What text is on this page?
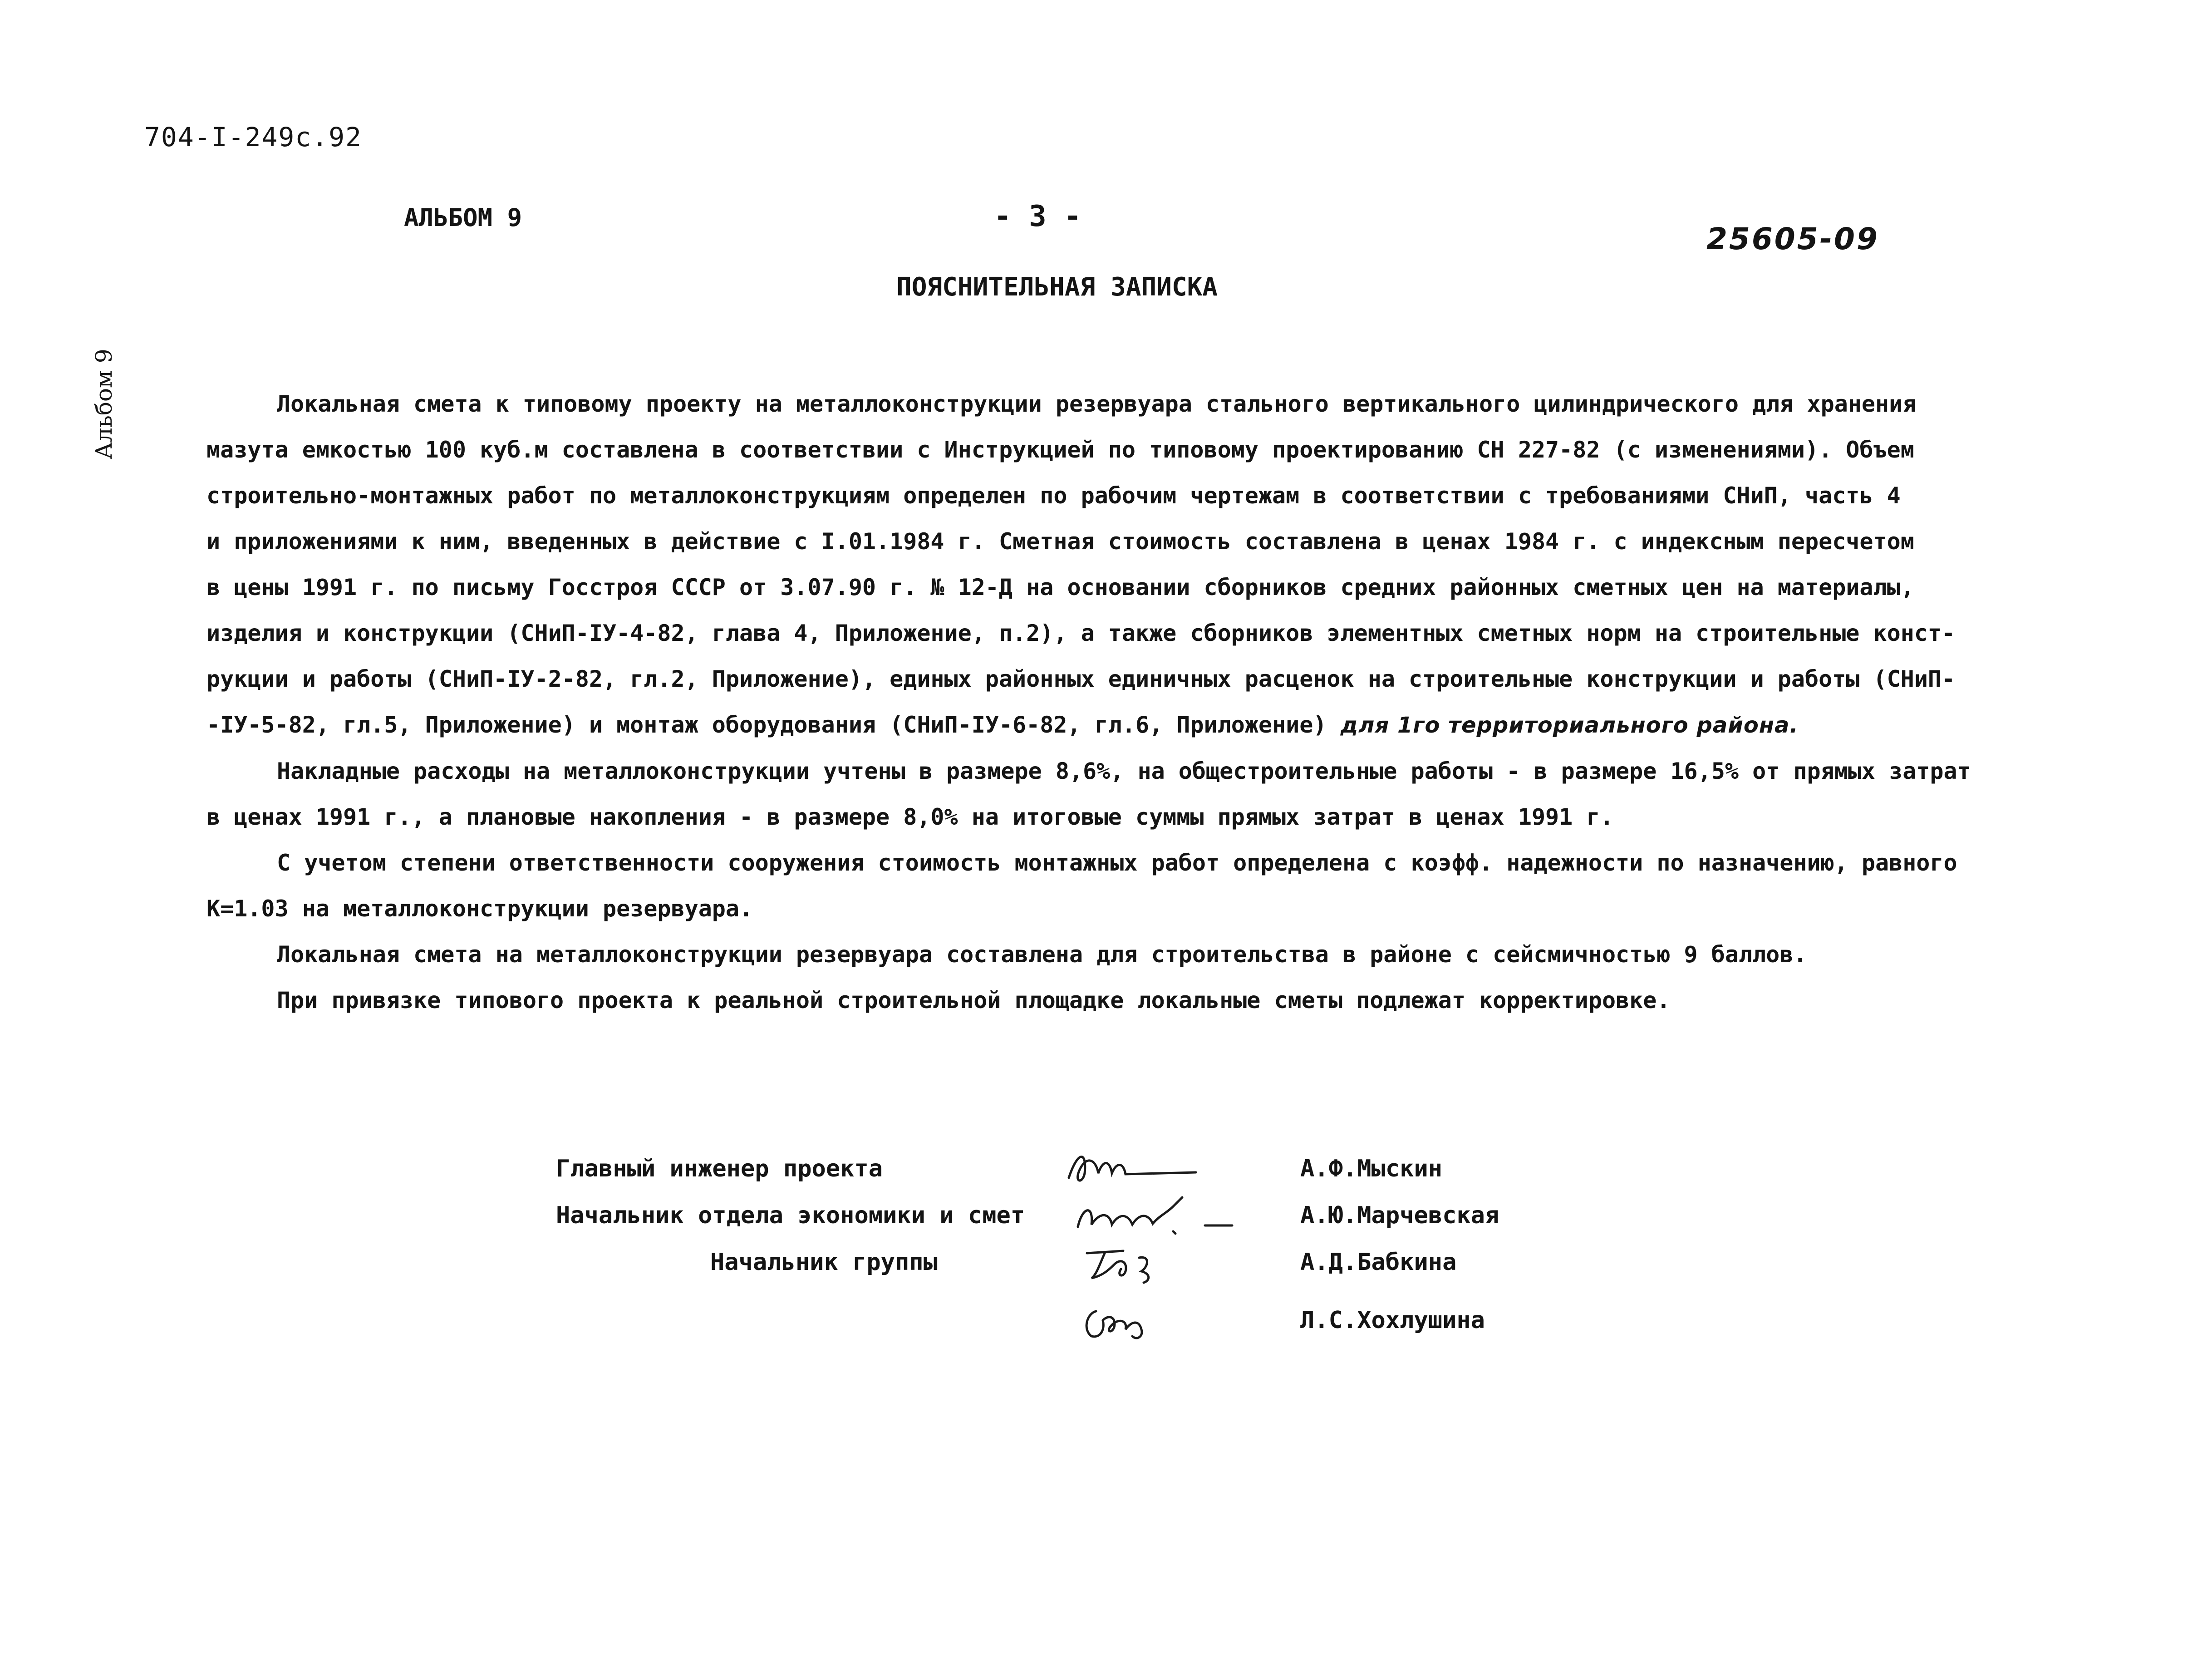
704-I-249с.92
АЛЬБОМ 9	- 3 -
25605-09
Альбом 9
ПОЯСНИТЕЛЬНАЯ ЗАПИСКА
Локальная смета к типовому проекту на металлоконструкции резервуара стального вертикального цилиндрического для хранения
мазута емкостью 100 куб.м составлена в соответствии с Инструкцией по типовому проектированию СН 227-82 (с изменениями). Объем
строительно-монтажных работ по металлоконструкциям определен по рабочим чертежам в соответствии с требованиями СНиП, часть 4
и приложениями к ним, введенных в действие с I.01.1984 г. Сметная стоимость составлена в ценах 1984 г. с индексным пересчетом
в цены 1991 г. по письму Госстроя СССР от 3.07.90 г. № 12-Д на основании сборников средних районных сметных цен на материалы,
изделия и конструкции (СНиП-IУ-4-82, глава 4, Приложение, п.2), а также сборников элементных сметных норм на строительные конст-
рукции и работы (СНиП-IУ-2-82, гл.2, Приложение), единых районных единичных расценок на строительные конструкции и работы (СНиП-
-IУ-5-82, гл.5, Приложение) и монтаж оборудования (СНиП-IУ-6-82, гл.6, Приложение) для 1го территориального района.
Накладные расходы на металлоконструкции учтены в размере 8,6%, на общестроительные работы - в размере 16,5% от прямых затрат
в ценах 1991 г., а плановые накопления - в размере 8,0% на итоговые суммы прямых затрат в ценах 1991 г.
С учетом степени ответственности сооружения стоимость монтажных работ определена с коэфф. надежности по назначению, равного
К=1.03 на металлоконструкции резервуара.
Локальная смета на металлоконструкции резервуара составлена для строительства в районе с сейсмичностью 9 баллов.
При привязке типового проекта к реальной строительной площадке локальные сметы подлежат корректировке.
Главный инженер проекта	А.Ф.Мыскин
Начальник отдела экономики и смет	А.Ю.Марчевская
Начальник группы	А.Д.Бабкина
Л.С.Хохлушина
